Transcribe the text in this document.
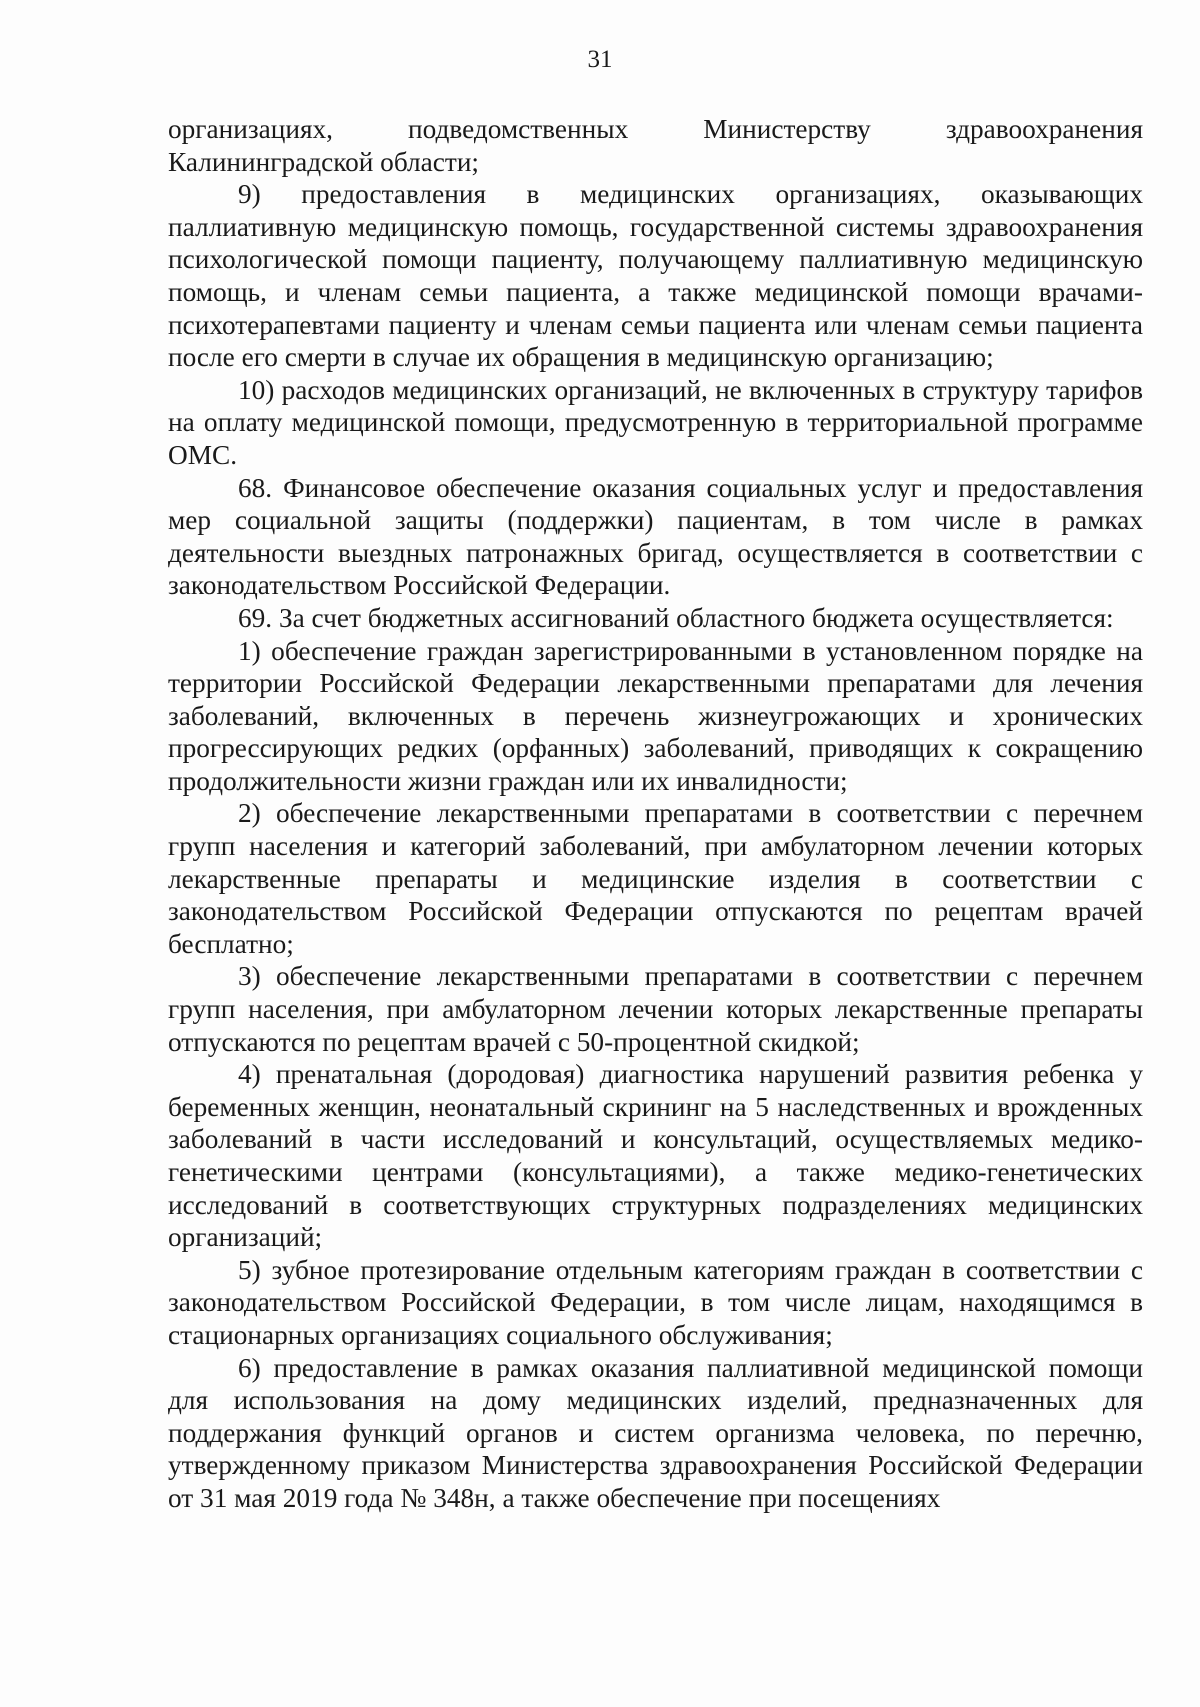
31

организациях, подведомственных Министерству здравоохранения Калининградской области;

9) предоставления в медицинских организациях, оказывающих паллиативную медицинскую помощь, государственной системы здравоохранения психологической помощи пациенту, получающему паллиативную медицинскую помощь, и членам семьи пациента, а также медицинской помощи врачами-психотерапевтами пациенту и членам семьи пациента или членам семьи пациента после его смерти в случае их обращения в медицинскую организацию;

10) расходов медицинских организаций, не включенных в структуру тарифов на оплату медицинской помощи, предусмотренную в территориальной программе ОМС.

68. Финансовое обеспечение оказания социальных услуг и предоставления мер социальной защиты (поддержки) пациентам, в том числе в рамках деятельности выездных патронажных бригад, осуществляется в соответствии с законодательством Российской Федерации.

69. За счет бюджетных ассигнований областного бюджета осуществляется:

1) обеспечение граждан зарегистрированными в установленном порядке на территории Российской Федерации лекарственными препаратами для лечения заболеваний, включенных в перечень жизнеугрожающих и хронических прогрессирующих редких (орфанных) заболеваний, приводящих к сокращению продолжительности жизни граждан или их инвалидности;

2) обеспечение лекарственными препаратами в соответствии с перечнем групп населения и категорий заболеваний, при амбулаторном лечении которых лекарственные препараты и медицинские изделия в соответствии с законодательством Российской Федерации отпускаются по рецептам врачей бесплатно;

3) обеспечение лекарственными препаратами в соответствии с перечнем групп населения, при амбулаторном лечении которых лекарственные препараты отпускаются по рецептам врачей с 50-процентной скидкой;

4) пренатальная (дородовая) диагностика нарушений развития ребенка у беременных женщин, неонатальный скрининг на 5 наследственных и врожденных заболеваний в части исследований и консультаций, осуществляемых медико-генетическими центрами (консультациями), а также медико-генетических исследований в соответствующих структурных подразделениях медицинских организаций;

5) зубное протезирование отдельным категориям граждан в соответствии с законодательством Российской Федерации, в том числе лицам, находящимся в стационарных организациях социального обслуживания;

6) предоставление в рамках оказания паллиативной медицинской помощи для использования на дому медицинских изделий, предназначенных для поддержания функций органов и систем организма человека, по перечню, утвержденному приказом Министерства здравоохранения Российской Федерации от 31 мая 2019 года № 348н, а также обеспечение при посещениях
